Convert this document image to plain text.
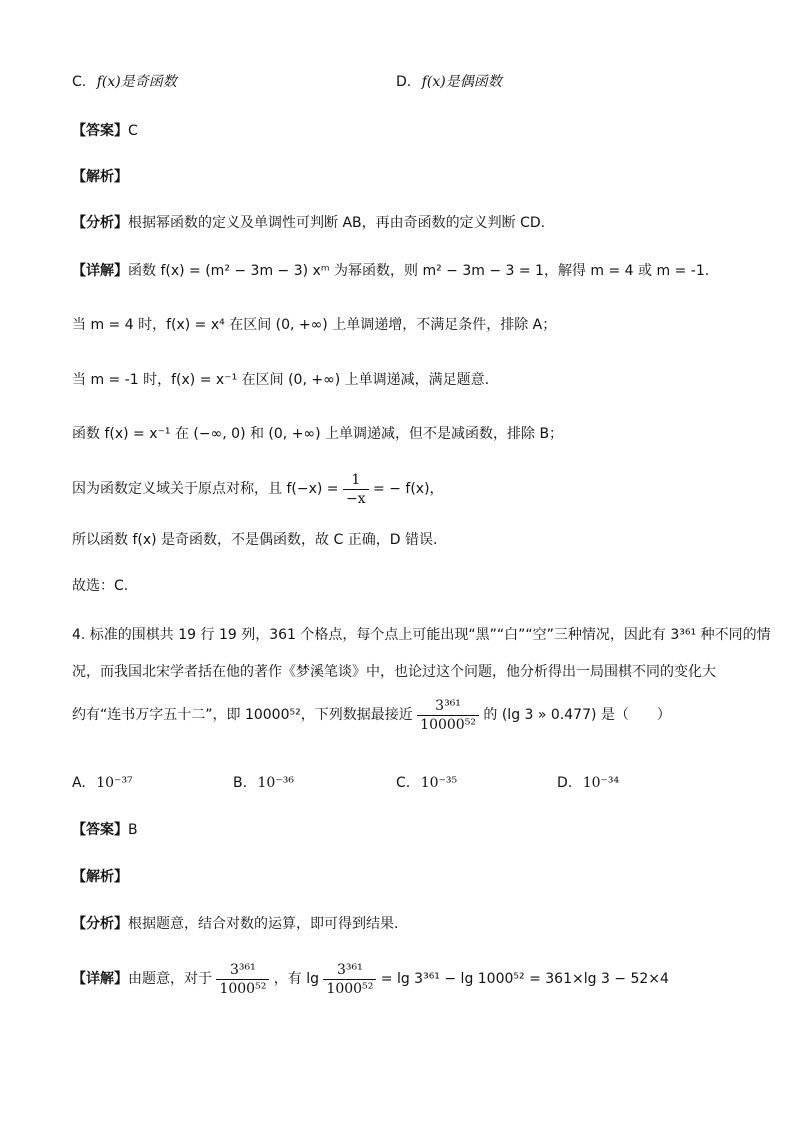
C. f(x)是奇函数	D. f(x)是偶函数
【答案】C
【解析】
【分析】根据幂函数的定义及单调性可判断 AB，再由奇函数的定义判断 CD.
【详解】函数 f(x) = (m² − 3m − 3) xᵐ 为幂函数，则 m² − 3m − 3 = 1，解得 m = 4 或 m = -1.
当 m = 4 时，f(x) = x⁴ 在区间 (0, +∞) 上单调递增，不满足条件，排除 A；
当 m = -1 时，f(x) = x⁻¹ 在区间 (0, +∞) 上单调递减，满足题意.
函数 f(x) = x⁻¹ 在 (−∞, 0) 和 (0, +∞) 上单调递减，但不是减函数，排除 B；
因为函数定义域关于原点对称，且 $f(-x) = \frac{1}{-x}$ = − f(x)，
所以函数 f(x) 是奇函数，不是偶函数，故 C 正确，D 错误.
故选：C.
4. 标准的围棋共 19 行 19 列，361 个格点，每个点上可能出现“黑”“白”“空”三种情况，因此有 3³⁶¹ 种不同的情
况，而我国北宋学者括在他的著作《梦溪笔谈》中，也论过这个问题，他分析得出一局围棋不同的变化大
约有“连书万字五十二”，即 10000⁵²，下列数据最接近 $\frac{\text{3³⁶¹}}{\text{10000⁵²}}$ 的 (lg 3 » 0.477) 是（　　）
A. 10⁻³⁷	B. 10⁻³⁶	C. 10⁻³⁵	D. 10⁻³⁴
【答案】B
【解析】
【分析】根据题意，结合对数的运算，即可得到结果.
【详解】由题意，对于 $\frac{\text{3³⁶¹}}{\text{1000⁵²}}$ ，有 $\lg \frac{\text{3³⁶¹}}{\text{1000⁵²}} = \lg 3^{361} - \lg 1000^{52} = 361\times\lg$ 3 − 52×4
